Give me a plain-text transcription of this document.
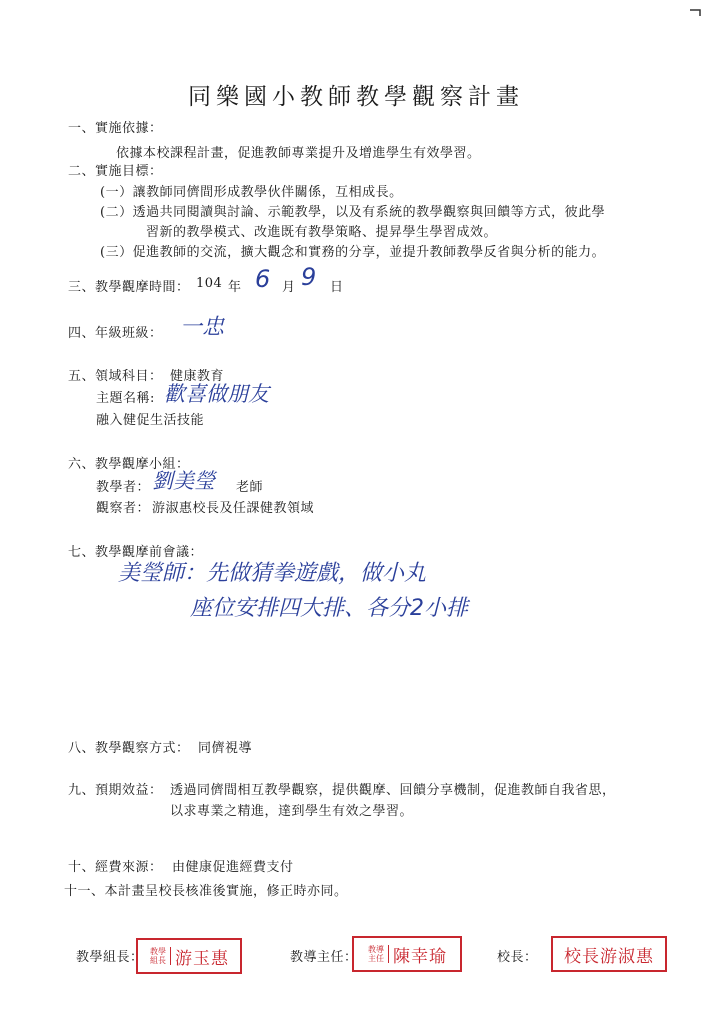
同樂國小教師教學觀察計畫
一、實施依據：
依據本校課程計畫，促進教師專業提升及增進學生有效學習。
二、實施目標：
(一）讓教師同儕間形成教學伙伴關係，互相成長。
(二）透過共同閱讀與討論、示範教學，以及有系統的教學觀察與回饋等方式，彼此學
習新的教學模式、改進既有教學策略、提昇學生學習成效。
(三）促進教師的交流，擴大觀念和實務的分享，並提升教師教學反省與分析的能力。
三、教學觀摩時間： 104 年 6 月 9 日
四、年級班級： 一忠
五、領域科目： 健康教育
主題名稱: 歡喜做朋友
融入健促生活技能
六、教學觀摩小組：
教學者： 劉美瑩 老師
觀察者： 游淑惠校長及任課健教領域
七、教學觀摩前會議：
美瑩師：先做猜拳遊戲，做小丸
座位安排四大排、各分2小排
八、教學觀察方式： 同儕視導
九、預期效益： 透過同儕間相互教學觀察，提供觀摩、回饋分享機制，促進教師自我省思，
以求專業之精進，達到學生有效之學習。
十、經費來源： 由健康促進經費支付
十一、本計畫呈校長核准後實施，修正時亦同。
教學組長： 教學組長 游玉惠	教導主任：
教導主任 陳幸瑜	校長： 校長游淑惠
